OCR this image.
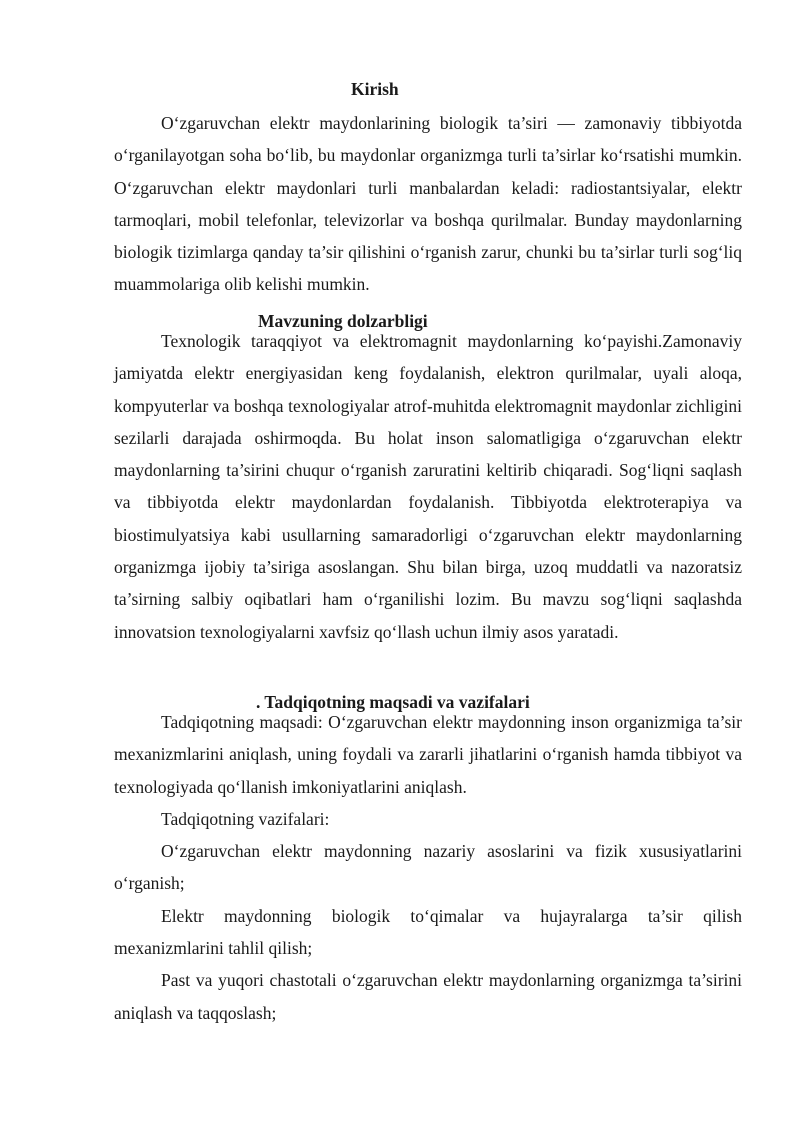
Kirish

O‘zgaruvchan elektr maydonlarining biologik ta’siri — zamonaviy tibbiyotda o‘rganilayotgan soha bo‘lib, bu maydonlar organizmga turli ta’sirlar ko‘rsatishi mumkin. O‘zgaruvchan elektr maydonlari turli manbalardan keladi: radiostantsiyalar, elektr tarmoqlari, mobil telefonlar, televizorlar va boshqa qurilmalar. Bunday maydonlarning biologik tizimlarga qanday ta’sir qilishini o‘rganish zarur, chunki bu ta’sirlar turli sog‘liq muammolariga olib kelishi mumkin.

Mavzuning dolzarbligi

Texnologik taraqqiyot va elektromagnit maydonlarning ko‘payishi.Zamonaviy jamiyatda elektr energiyasidan keng foydalanish, elektron qurilmalar, uyali aloqa, kompyuterlar va boshqa texnologiyalar atrof-muhitda elektromagnit maydonlar zichligini sezilarli darajada oshirmoqda. Bu holat inson salomatligiga o‘zgaruvchan elektr maydonlarning ta’sirini chuqur o‘rganish zaruratini keltirib chiqaradi. Sog‘liqni saqlash va tibbiyotda elektr maydonlardan foydalanish. Tibbiyotda elektroterapiya va biostimulyatsiya kabi usullarning samaradorligi o‘zgaruvchan elektr maydonlarning organizmga ijobiy ta’siriga asoslangan. Shu bilan birga, uzoq muddatli va nazoratsiz ta’sirning salbiy oqibatlari ham o‘rganilishi lozim. Bu mavzu sog‘liqni saqlashda innovatsion texnologiyalarni xavfsiz qo‘llash uchun ilmiy asos yaratadi.

. Tadqiqotning maqsadi va vazifalari

Tadqiqotning maqsadi: O‘zgaruvchan elektr maydonning inson organizmiga ta’sir mexanizmlarini aniqlash, uning foydali va zararli jihatlarini o‘rganish hamda tibbiyot va texnologiyada qo‘llanish imkoniyatlarini aniqlash.

Tadqiqotning vazifalari:

O‘zgaruvchan elektr maydonning nazariy asoslarini va fizik xususiyatlarini o‘rganish;

Elektr maydonning biologik to‘qimalar va hujayralarga ta’sir qilish mexanizmlarini tahlil qilish;

Past va yuqori chastotali o‘zgaruvchan elektr maydonlarning organizmga ta’sirini aniqlash va taqqoslash;
